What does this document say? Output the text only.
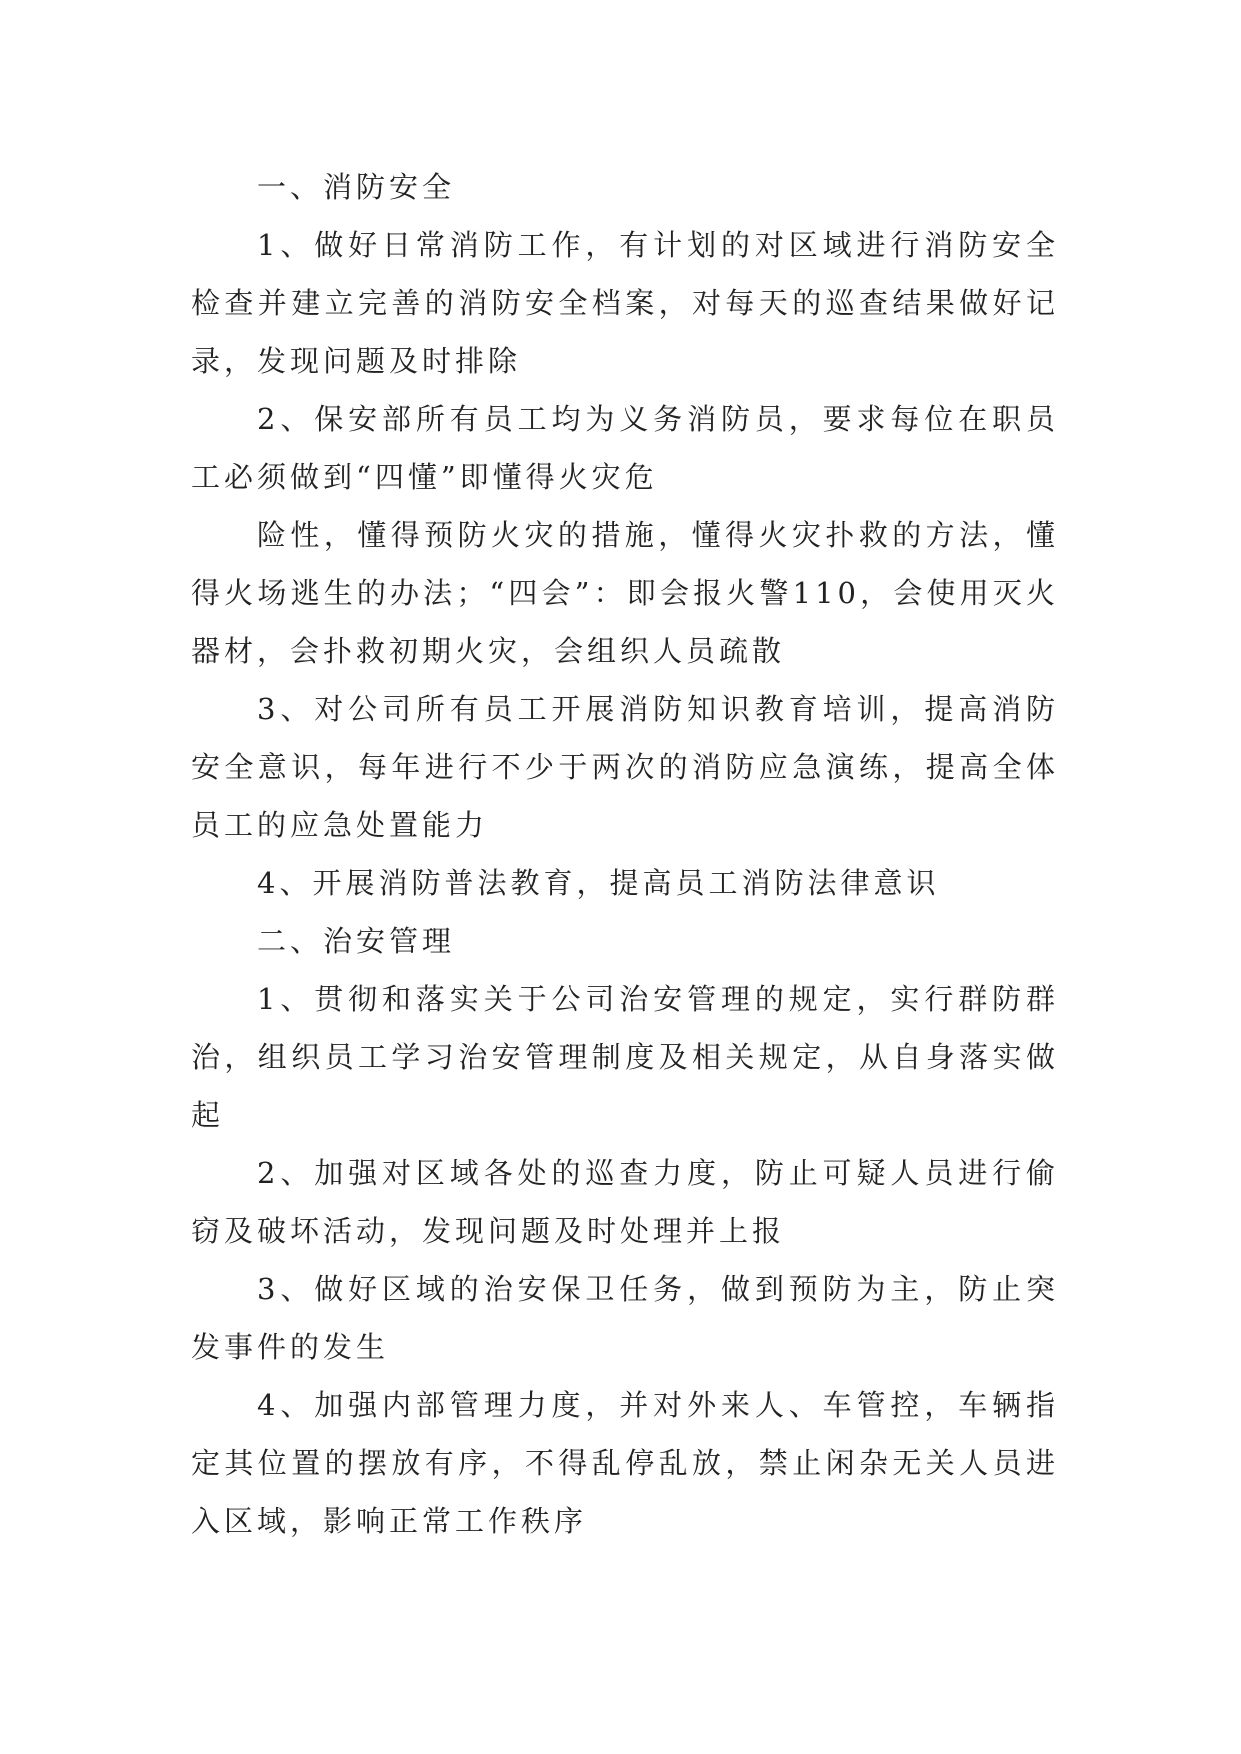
一、消防安全

1、做好日常消防工作，有计划的对区域进行消防安全检查并建立完善的消防安全档案，对每天的巡查结果做好记录，发现问题及时排除

2、保安部所有员工均为义务消防员，要求每位在职员工必须做到“四懂”即懂得火灾危

险性，懂得预防火灾的措施，懂得火灾扑救的方法，懂得火场逃生的办法；“四会”：即会报火警110，会使用灭火器材，会扑救初期火灾，会组织人员疏散

3、对公司所有员工开展消防知识教育培训，提高消防安全意识，每年进行不少于两次的消防应急演练，提高全体员工的应急处置能力

4、开展消防普法教育，提高员工消防法律意识

二、治安管理

1、贯彻和落实关于公司治安管理的规定，实行群防群治，组织员工学习治安管理制度及相关规定，从自身落实做起

2、加强对区域各处的巡查力度，防止可疑人员进行偷窃及破坏活动，发现问题及时处理并上报

3、做好区域的治安保卫任务，做到预防为主，防止突发事件的发生

4、加强内部管理力度，并对外来人、车管控，车辆指定其位置的摆放有序，不得乱停乱放，禁止闲杂无关人员进入区域，影响正常工作秩序
